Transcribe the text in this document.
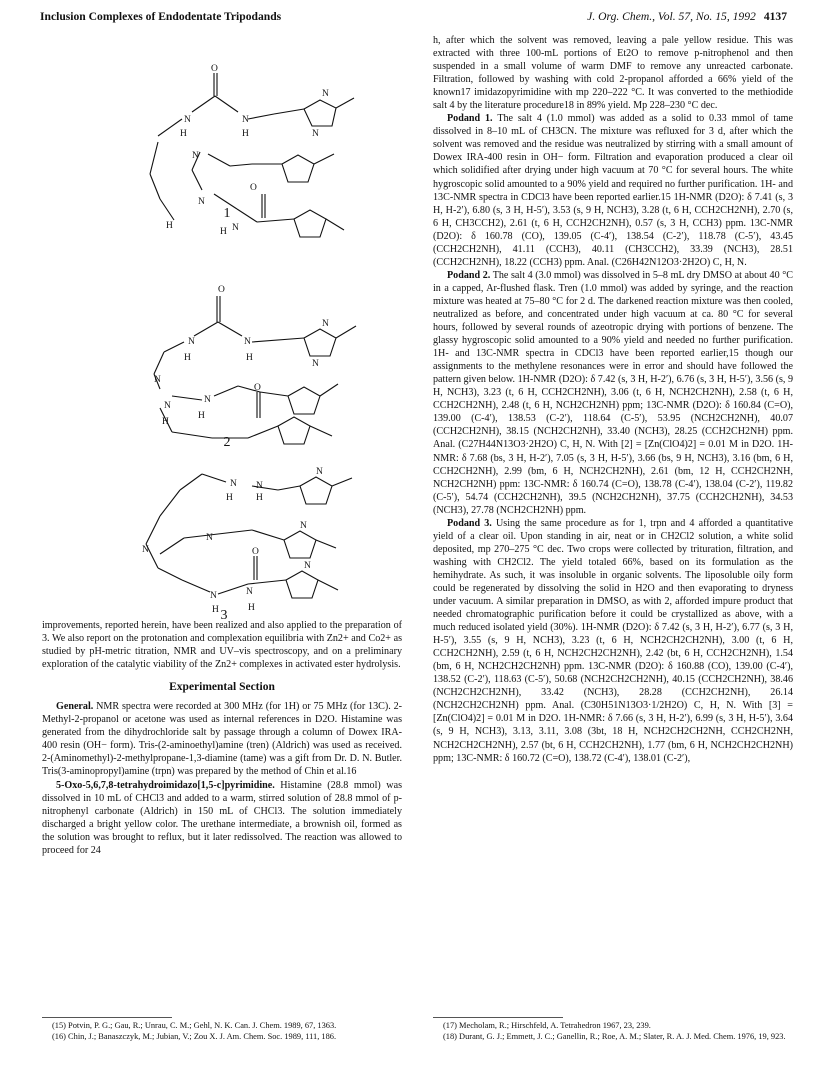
Inclusion Complexes of Endodentate Tripodands	J. Org. Chem., Vol. 57, No. 15, 1992 4137
O
N	N
H	H
N
N
N
O
N
N
H
H
O
N	N
H	H
N
N
N
N
N
H
H
O
N
N N
H H
N
N
N
O
N	N
H	H
N
1
2
3

improvements, reported herein, have been realized and also applied to the preparation of 3. We also report on the protonation and complexation equilibria with Zn2+ and Co2+ as studied by pH-metric titration, NMR and UV–vis spectroscopy, and on a preliminary exploration of the catalytic viability of the Zn2+ complexes in activated ester hydrolysis.

Experimental Section

General. NMR spectra were recorded at 300 MHz (for 1H) or 75 MHz (for 13C). 2-Methyl-2-propanol or acetone was used as internal references in D2O. Histamine was generated from the dihydrochloride salt by passage through a column of Dowex IRA-400 resin (OH− form). Tris-(2-aminoethyl)amine (tren) (Aldrich) was used as received. 2-(Aminomethyl)-2-methylpropane-1,3-diamine (tame) was a gift from Dr. D. N. Butler. Tris(3-aminopropyl)amine (trpn) was prepared by the method of Chin et al.16

5-Oxo-5,6,7,8-tetrahydroimidazo[1,5-c]pyrimidine. Histamine (28.8 mmol) was dissolved in 10 mL of CHCl3 and added to a warm, stirred solution of 28.8 mmol of p-nitrophenyl carbonate (Aldrich) in 150 mL of CHCl3. The solution immediately discharged a bright yellow color. The urethane intermediate, a brownish oil, formed as the solution was brought to reflux, but it later redissolved. The reaction was allowed to proceed for 24

h, after which the solvent was removed, leaving a pale yellow residue. This was extracted with three 100-mL portions of Et2O to remove p-nitrophenol and then suspended in a small volume of warm DMF to remove any unreacted carbonate. Filtration, followed by washing with cold 2-propanol afforded a 66% yield of the known17 imidazopyrimidine with mp 220–222 °C. It was converted to the methiodide salt 4 by the literature procedure18 in 89% yield. Mp 228–230 °C dec.

Podand 1. The salt 4 (1.0 mmol) was added as a solid to 0.33 mmol of tame dissolved in 8–10 mL of CH3CN. The mixture was refluxed for 3 d, after which the solvent was removed and the residue was neutralized by stirring with a small amount of Dowex IRA-400 resin in OH− form. Filtration and evaporation produced a clear oil which solidified after drying under high vacuum at 70 °C for several hours. The white hygroscopic solid amounted to a 90% yield and required no further purification. 1H- and 13C-NMR spectra in CDCl3 have been reported earlier.15 1H-NMR (D2O): δ 7.41 (s, 3 H, H-2′), 6.80 (s, 3 H, H-5′), 3.53 (s, 9 H, NCH3), 3.28 (t, 6 H, CCH2CH2NH), 2.70 (s, 6 H, CH3CCH2), 2.61 (t, 6 H, CCH2CH2NH), 0.57 (s, 3 H, CCH3) ppm. 13C-NMR (D2O): δ 160.78 (CO), 139.05 (C-4′), 138.54 (C-2′), 118.78 (C-5′), 43.45 (CCH2CH2NH), 41.11 (CCH3), 40.11 (CH3CCH2), 33.39 (NCH3), 28.51 (CCH2CH2NH), 18.22 (CCH3) ppm. Anal. (C26H42N12O3·2H2O) C, H, N.

Podand 2. The salt 4 (3.0 mmol) was dissolved in 5–8 mL dry DMSO at about 40 °C in a capped, Ar-flushed flask. Tren (1.0 mmol) was added by syringe, and the reaction mixture was heated at 75–80 °C for 2 d. The darkened reaction mixture was then cooled, neutralized as before, and concentrated under high vacuum at ca. 80 °C for several hours, followed by several rounds of azeotropic drying with portions of benzene. The glassy hygroscopic solid amounted to a 90% yield and needed no further purification. 1H- and 13C-NMR spectra in CDCl3 have been reported earlier,15 though our assignments to the methylene resonances were in error and should have followed the pattern given below. 1H-NMR (D2O): δ 7.42 (s, 3 H, H-2′), 6.76 (s, 3 H, H-5′), 3.56 (s, 9 H, NCH3), 3.23 (t, 6 H, CCH2CH2NH), 3.06 (t, 6 H, NCH2CH2NH), 2.58 (t, 6 H, CCH2CH2NH), 2.48 (t, 6 H, NCH2CH2NH) ppm; 13C-NMR (D2O): δ 160.84 (C=O), 139.00 (C-4′), 138.53 (C-2′), 118.64 (C-5′), 53.95 (NCH2CH2NH), 40.07 (CCH2CH2NH), 38.15 (NCH2CH2NH), 33.40 (NCH3), 28.25 (CCH2CH2NH) ppm. Anal. (C27H44N13O3·2H2O) C, H, N. With [2] = [Zn(ClO4)2] = 0.01 M in D2O. 1H-NMR: δ 7.68 (bs, 3 H, H-2′), 7.05 (s, 3 H, H-5′), 3.66 (bs, 9 H, NCH3), 3.16 (bm, 6 H, CCH2CH2NH), 2.99 (bm, 6 H, NCH2CH2NH), 2.61 (bm, 12 H, CCH2CH2NH, NCH2CH2NH) ppm: 13C-NMR: δ 160.74 (C=O), 138.78 (C-4′), 138.04 (C-2′), 119.82 (C-5′), 54.74 (CCH2CH2NH), 39.5 (NCH2CH2NH), 37.75 (CCH2CH2NH), 34.53 (NCH3), 27.78 (NCH2CH2NH) ppm.

Podand 3. Using the same procedure as for 1, trpn and 4 afforded a quantitative yield of a clear oil. Upon standing in air, neat or in CH2Cl2 solution, a white solid deposited, mp 270–275 °C dec. Two crops were collected by trituration, filtration, and washing with CH2Cl2. The yield totaled 66%, based on its formulation as the hemihydrate. As such, it was insoluble in organic solvents. The liposoluble oily form could be regenerated by dissolving the solid in H2O and then evaporating to dryness under vacuum. A similar preparation in DMSO, as with 2, afforded impure product that needed chromatographic purification before it could be crystallized as above, with a much reduced isolated yield (30%). 1H-NMR (D2O): δ 7.42 (s, 3 H, H-2′), 6.77 (s, 3 H, H-5′), 3.55 (s, 9 H, NCH3), 3.23 (t, 6 H, NCH2CH2CH2NH), 3.00 (t, 6 H, CCH2CH2NH), 2.59 (t, 6 H, NCH2CH2CH2NH), 2.42 (bt, 6 H, CCH2CH2NH), 1.54 (bm, 6 H, NCH2CH2CH2NH) ppm. 13C-NMR (D2O): δ 160.88 (CO), 139.00 (C-4′), 138.52 (C-2′), 118.63 (C-5′), 50.68 (NCH2CH2CH2NH), 40.15 (CCH2CH2NH), 38.46 (NCH2CH2CH2NH), 33.42 (NCH3), 28.28 (CCH2CH2NH), 26.14 (NCH2CH2CH2NH) ppm. Anal. (C30H51N13O3·1/2H2O) C, H, N. With [3] = [Zn(ClO4)2] = 0.01 M in D2O. 1H-NMR: δ 7.66 (s, 3 H, H-2′), 6.99 (s, 3 H, H-5′), 3.64 (s, 9 H, NCH3), 3.13, 3.11, 3.08 (3bt, 18 H, NCH2CH2CH2NH, CCH2CH2NH, NCH2CH2CH2NH), 2.57 (bt, 6 H, CCH2CH2NH), 1.77 (bm, 6 H, NCH2CH2CH2NH) ppm; 13C-NMR: δ 160.72 (C=O), 138.72 (C-4′), 138.01 (C-2′),

(15) Potvin, P. G.; Gau, R.; Unrau, C. M.; Gehl, N. K. Can. J. Chem. 1989, 67, 1363.

(16) Chin, J.; Banaszczyk, M.; Jubian, V.; Zou X. J. Am. Chem. Soc. 1989, 111, 186.

(17) Mecholam, R.; Hirschfeld, A. Tetrahedron 1967, 23, 239.

(18) Durant, G. J.; Emmett, J. C.; Ganellin, R.; Roe, A. M.; Slater, R. A. J. Med. Chem. 1976, 19, 923.
